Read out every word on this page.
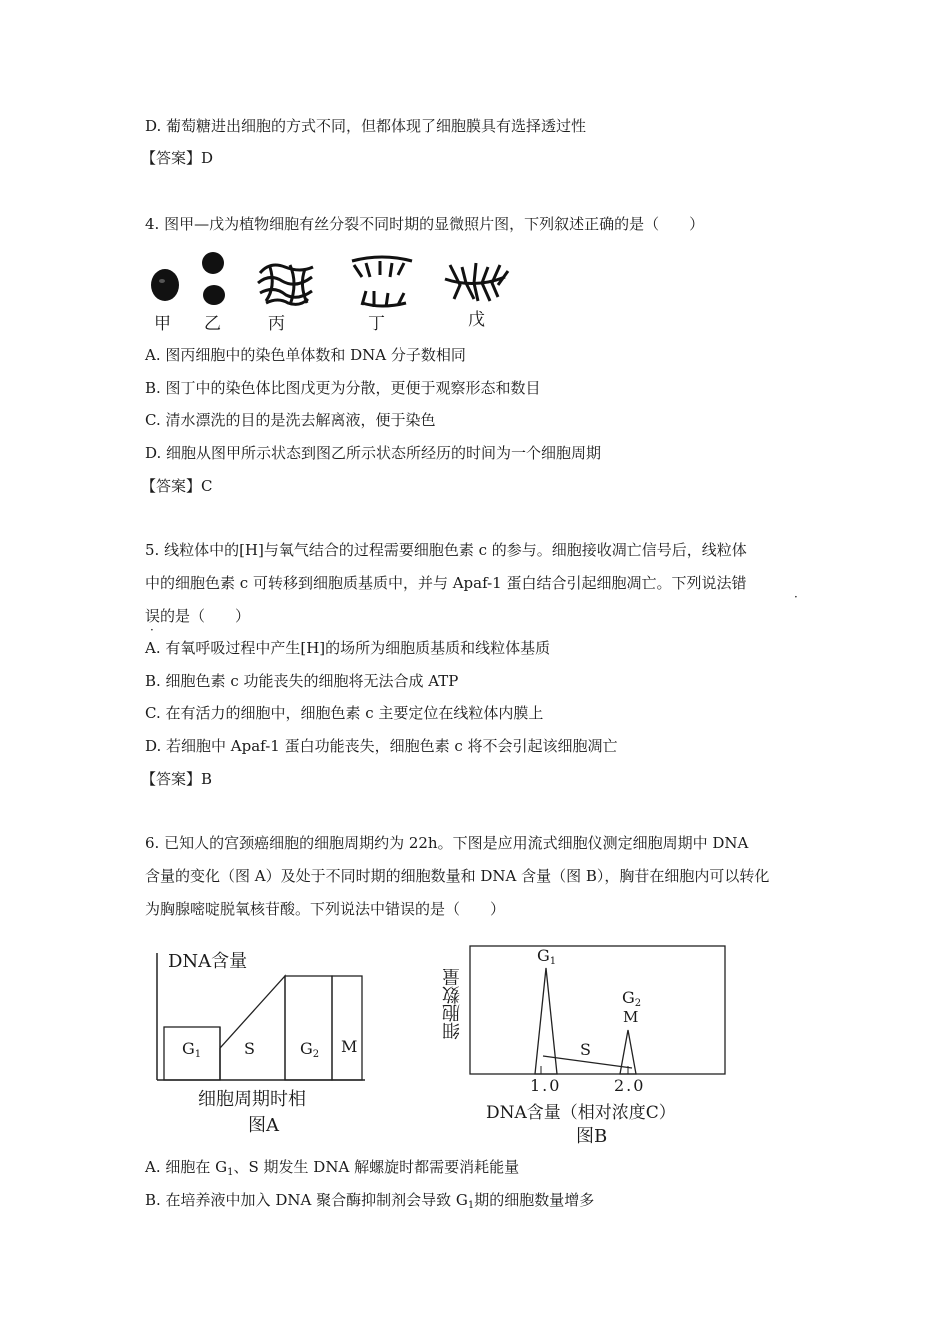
D. 葡萄糖进出细胞的方式不同，但都体现了细胞膜具有选择透过性
【答案】D
4. 图甲—戊为植物细胞有丝分裂不同时期的显微照片图，下列叙述正确的是（　　）
甲 乙	丙	丁	戊
A. 图丙细胞中的染色单体数和 DNA 分子数相同
B. 图丁中的染色体比图戊更为分散，更便于观察形态和数目
C. 清水漂洗的目的是洗去解离液，便于染色
D. 细胞从图甲所示状态到图乙所示状态所经历的时间为一个细胞周期
【答案】C
5. 线粒体中的[H]与氧气结合的过程需要细胞色素 c 的参与。细胞接收凋亡信号后，线粒体
中的细胞色素 c 可转移到细胞质基质中，并与 Apaf-1 蛋白结合引起细胞凋亡。下列说法错
·
误的是（　　）
·
A. 有氧呼吸过程中产生[H]的场所为细胞质基质和线粒体基质
B. 细胞色素 c 功能丧失的细胞将无法合成 ATP
C. 在有活力的细胞中，细胞色素 c 主要定位在线粒体内膜上
D. 若细胞中 Apaf-1 蛋白功能丧失，细胞色素 c 将不会引起该细胞凋亡
【答案】B
6. 已知人的宫颈癌细胞的细胞周期约为 22h。下图是应用流式细胞仪测定细胞周期中 DNA
含量的变化（图 A）及处于不同时期的细胞数量和 DNA 含量（图 B），胸苷在细胞内可以转化
为胸腺嘧啶脱氧核苷酸。下列说法中错误的是（　　）
DNA含量
$G_1$	S	$G_2$ M
细胞周期时相
图A
细胞数量
$G_1$
$G_2$
M
S
1.0	2.0
DNA含量（相对浓度C）
图B
A. 细胞在 $G_1$、S 期发生 DNA 解螺旋时都需要消耗能量
B. 在培养液中加入 DNA 聚合酶抑制剂会导致 $G_1$期的细胞数量增多
